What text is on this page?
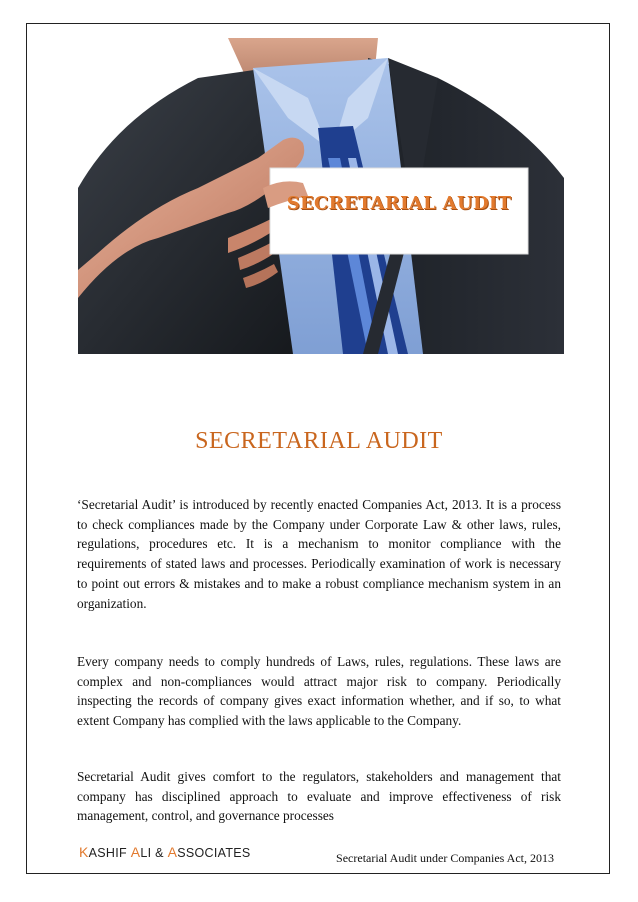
SECRETARIAL AUDIT
SECRETARIAL AUDIT

‘Secretarial Audit’ is introduced by recently enacted Companies Act, 2013. It is a process to check compliances made by the Company under Corporate Law & other laws, rules, regulations, procedures etc. It is a mechanism to monitor compliance with the requirements of stated laws and processes. Periodically examination of work is necessary to point out errors & mistakes and to make a robust compliance mechanism system in an organization.

Every company needs to comply hundreds of Laws, rules, regulations. These laws are complex and non-compliances would attract major risk to company. Periodically inspecting the records of company gives exact information whether, and if so, to what extent Company has complied with the laws applicable to the Company.

Secretarial Audit gives comfort to the regulators, stakeholders and management that company has disciplined approach to evaluate and improve effectiveness of risk management, control, and governance processes

KASHIF ALI & ASSOCIATES	Secretarial Audit under Companies Act, 2013
